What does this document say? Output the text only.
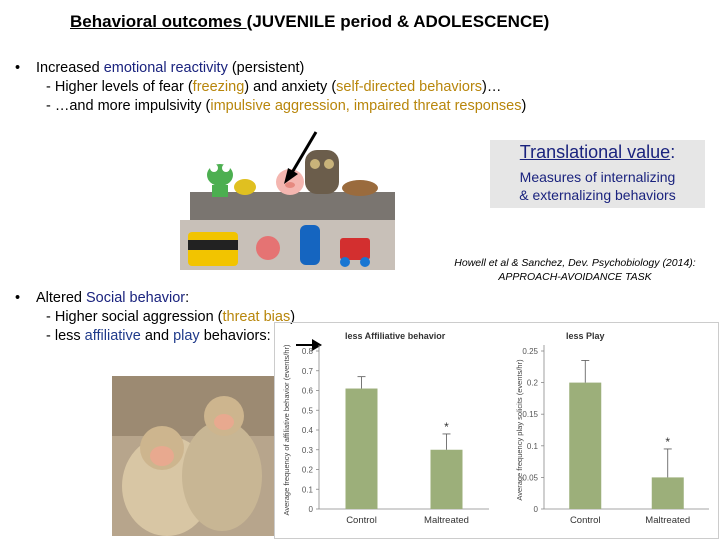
Behavioral outcomes (JUVENILE period & ADOLESCENCE)
• Increased emotional reactivity (persistent)
- Higher levels of fear (freezing) and anxiety (self-directed behaviors)…
- …and more impulsivity (impulsive aggression, impaired threat responses)
Translational value:
Measures of internalizing
& externalizing behaviors
Howell et al & Sanchez, Dev. Psychobiology (2014):
APPROACH-AVOIDANCE TASK
• Altered Social behavior:
- Higher social aggression (threat bias)
- less affiliative and play behaviors:	less Affiliative behavior
Average frequency of affiliative behavior (events/hr) 0
0.1
0.2
0.3
0.4
0.5
0.6
0.7
0.8
Control	Maltreated
*
less Play
Average frequency play solicits (events/hr)
0
0.05
0.1
0.15
0.2
0.25
Control	Maltreated
*
